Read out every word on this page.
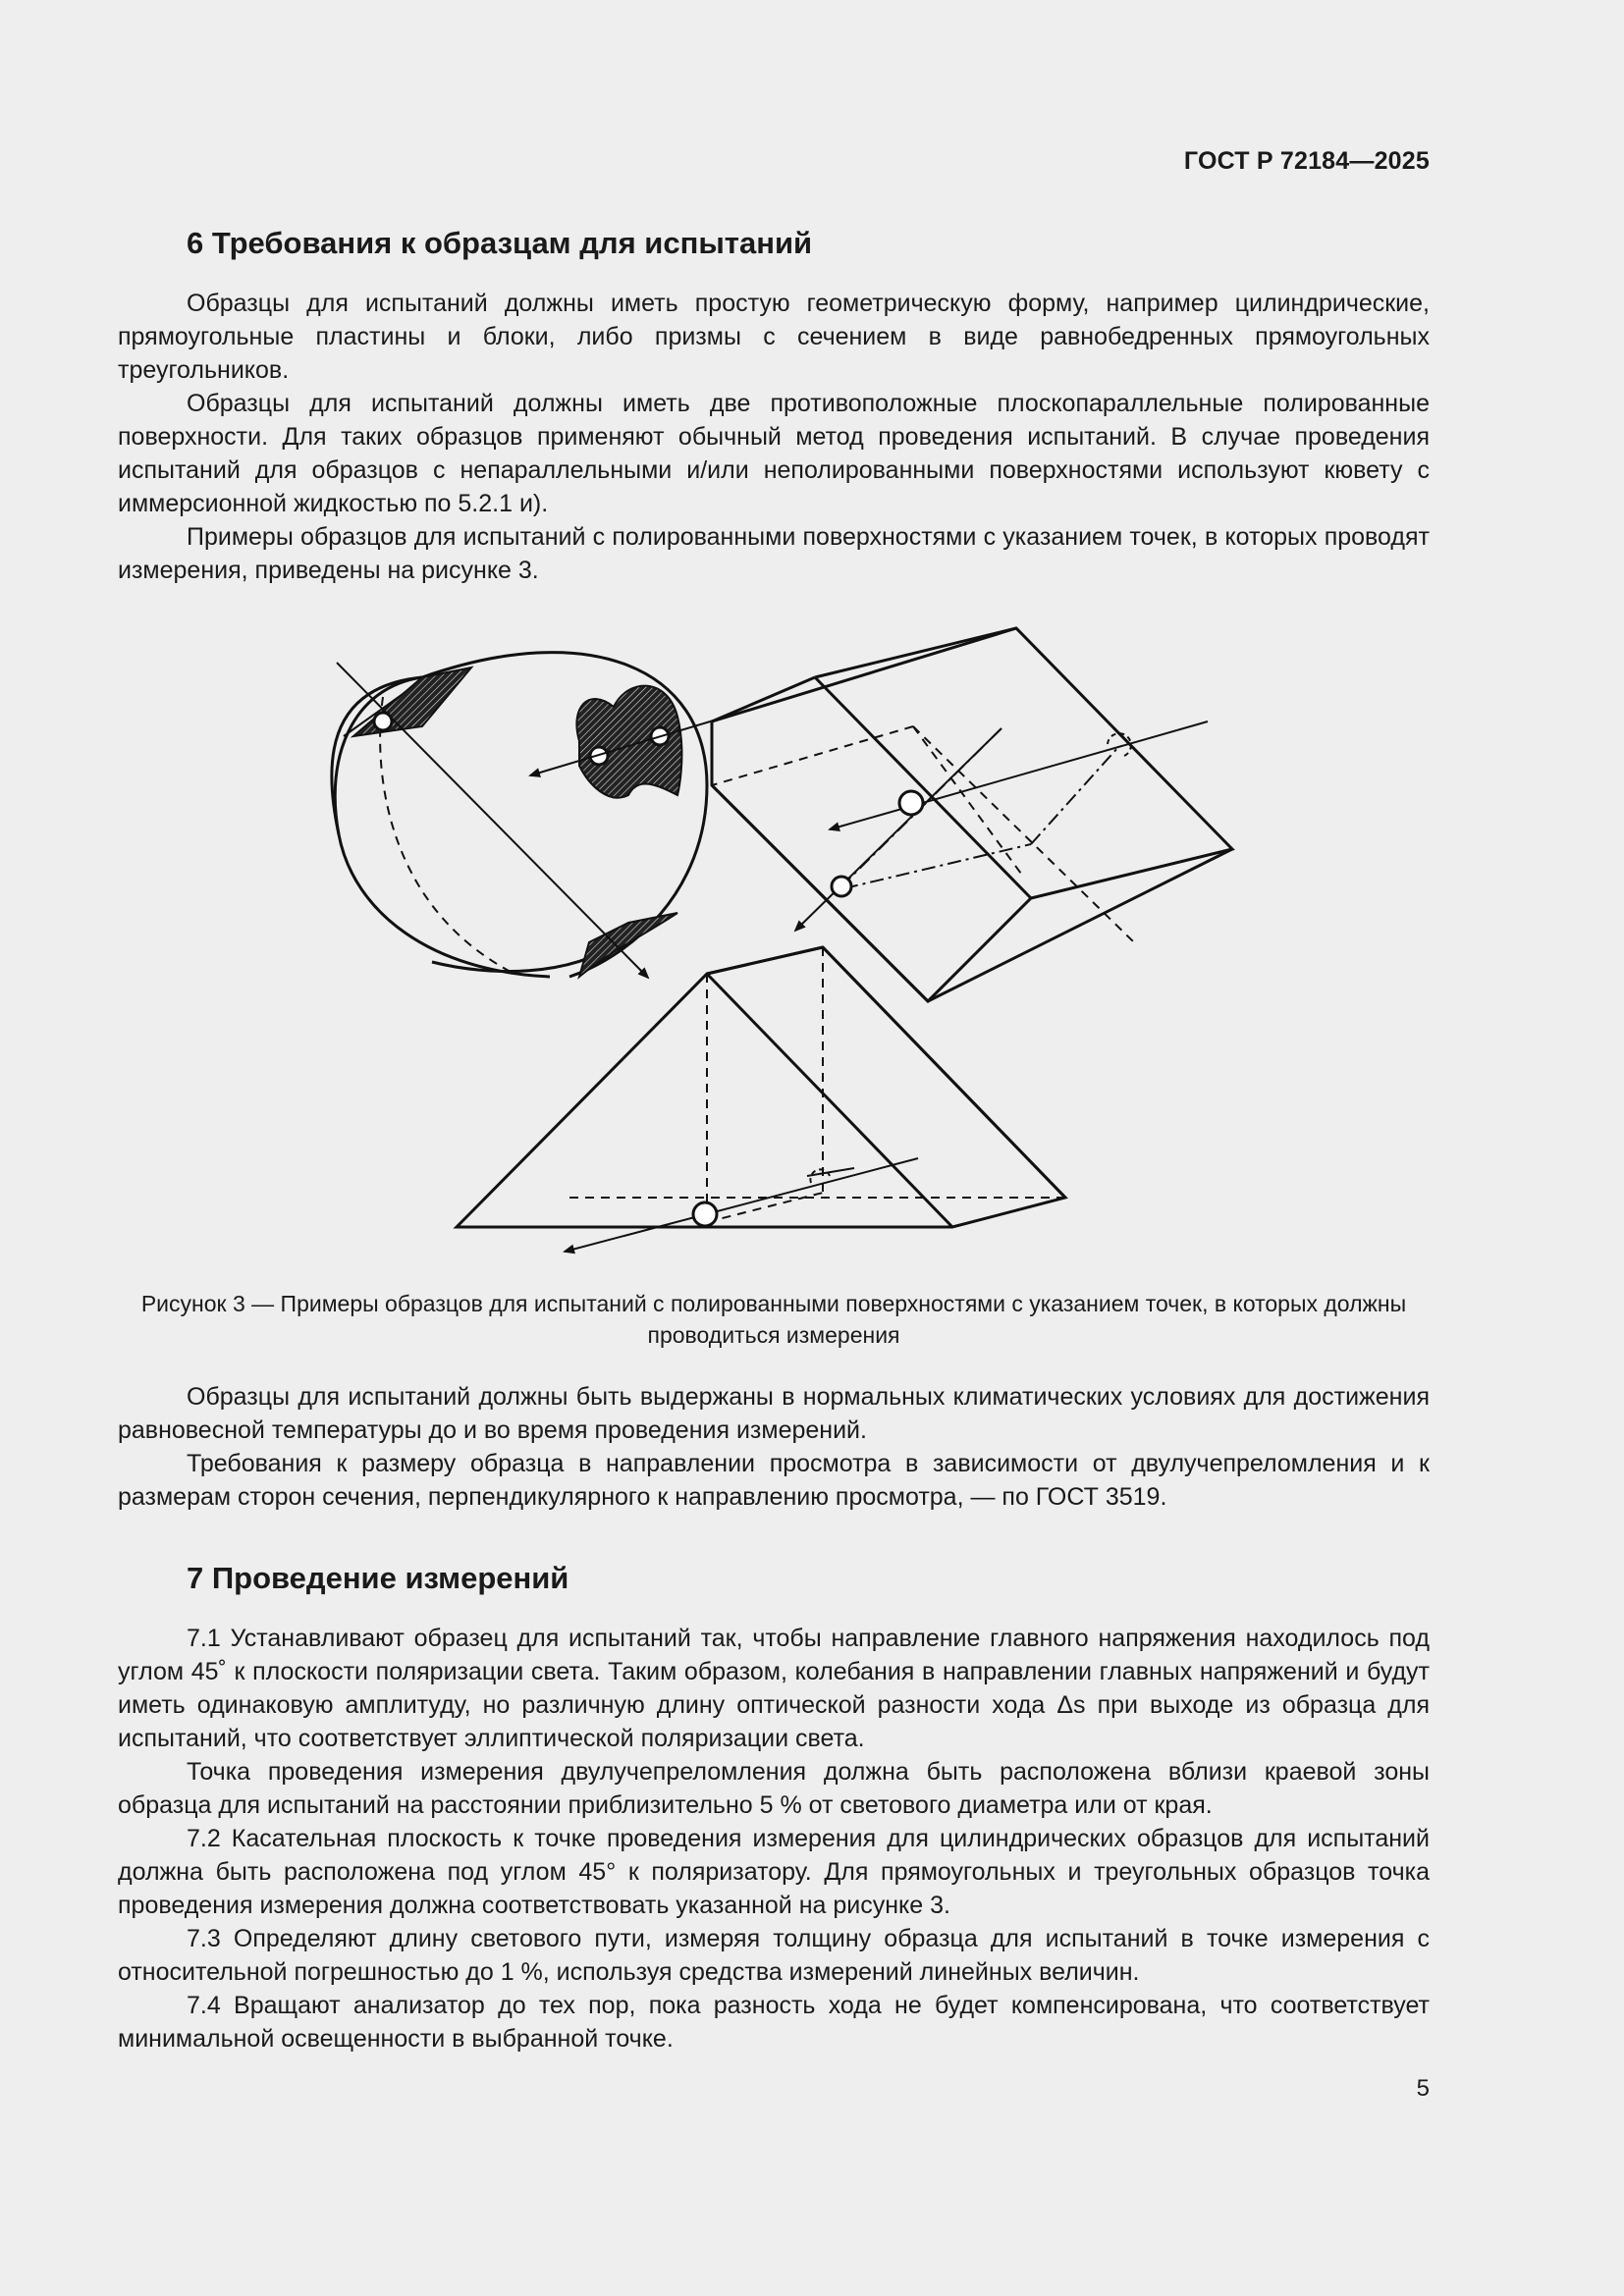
ГОСТ Р 72184—2025
6 Требования к образцам для испытаний

Образцы для испытаний должны иметь простую геометрическую форму, например цилиндрические, прямоугольные пластины и блоки, либо призмы с сечением в виде равнобедренных прямоугольных треугольников.

Образцы для испытаний должны иметь две противоположные плоскопараллельные полированные поверхности. Для таких образцов применяют обычный метод проведения испытаний. В случае проведения испытаний для образцов с непараллельными и/или неполированными поверхностями используют кювету с иммерсионной жидкостью по 5.2.1 и).

Примеры образцов для испытаний с полированными поверхностями с указанием точек, в которых проводят измерения, приведены на рисунке 3.

Рисунок 3 — Примеры образцов для испытаний с полированными поверхностями с указанием точек, в которых должны проводиться измерения

Образцы для испытаний должны быть выдержаны в нормальных климатических условиях для достижения равновесной температуры до и во время проведения измерений.

Требования к размеру образца в направлении просмотра в зависимости от двулучепреломления и к размерам сторон сечения, перпендикулярного к направлению просмотра, — по ГОСТ 3519.

7 Проведение измерений

7.1 Устанавливают образец для испытаний так, чтобы направление главного напряжения находилось под углом 45˚ к плоскости поляризации света. Таким образом, колебания в направлении главных напряжений и будут иметь одинаковую амплитуду, но различную длину оптической разности хода Δs при выходе из образца для испытаний, что соответствует эллиптической поляризации света.

Точка проведения измерения двулучепреломления должна быть расположена вблизи краевой зоны образца для испытаний на расстоянии приблизительно 5 % от светового диаметра или от края.

7.2 Касательная плоскость к точке проведения измерения для цилиндрических образцов для испытаний должна быть расположена под углом 45° к поляризатору. Для прямоугольных и треугольных образцов точка проведения измерения должна соответствовать указанной на рисунке 3.

7.3 Определяют длину светового пути, измеряя толщину образца для испытаний в точке измерения с относительной погрешностью до 1 %, используя средства измерений линейных величин.

7.4 Вращают анализатор до тех пор, пока разность хода не будет компенсирована, что соответствует минимальной освещенности в выбранной точке.

5
